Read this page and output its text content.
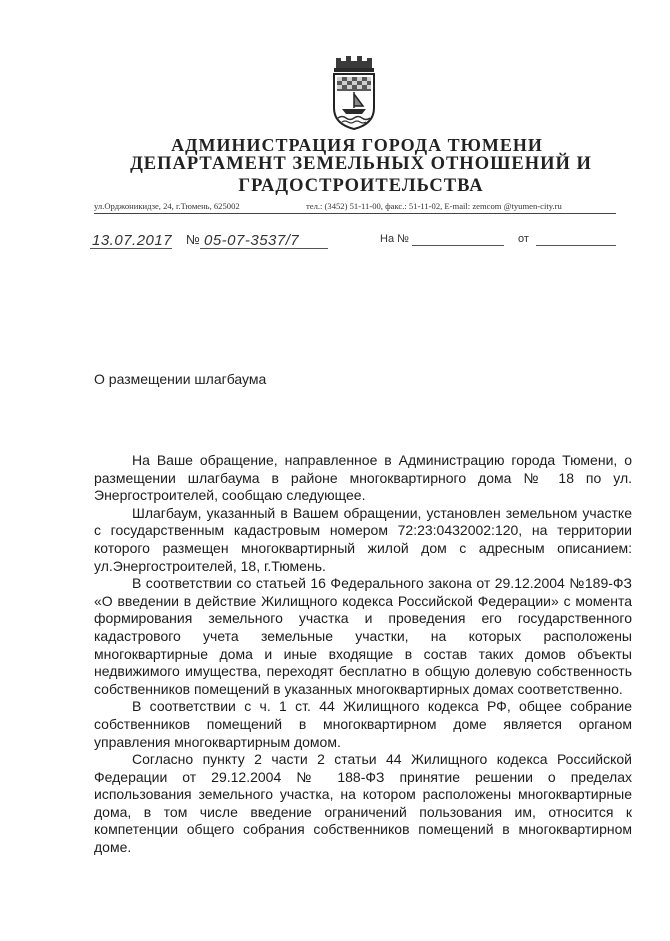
АДМИНИСТРАЦИЯ ГОРОДА ТЮМЕНИ
ДЕПАРТАМЕНТ ЗЕМЕЛЬНЫХ ОТНОШЕНИЙ И
ГРАДОСТРОИТЕЛЬСТВА
ул.Орджоникидзе, 24, г.Тюмень, 625002	тел.: (3452) 51-11-00, факс.: 51-11-02, E-mail: zemcom @tyumen-city.ru
13.07.2017 № 05-07-3537/7	На №	от
О размещении шлагбаума

На Ваше обращение, направленное в Администрацию города Тюмени, о размещении шлагбаума в районе многоквартирного дома № 18 по ул. Энергостроителей, сообщаю следующее.

Шлагбаум, указанный в Вашем обращении, установлен земельном участке с государственным кадастровым номером 72:23:0432002:120, на территории которого размещен многоквартирный жилой дом с адресным описанием: ул.Энергостроителей, 18, г.Тюмень.

В соответствии со статьей 16 Федерального закона от 29.12.2004 №189-ФЗ «О введении в действие Жилищного кодекса Российской Федерации» с момента формирования земельного участка и проведения его государственного кадастрового учета земельные участки, на которых расположены многоквартирные дома и иные входящие в состав таких домов объекты недвижимого имущества, переходят бесплатно в общую долевую собственность собственников помещений в указанных многоквартирных домах соответственно.

В соответствии с ч. 1 ст. 44 Жилищного кодекса РФ, общее собрание собственников помещений в многоквартирном доме является органом управления многоквартирным домом.

Согласно пункту 2 части 2 статьи 44 Жилищного кодекса Российской Федерации от 29.12.2004 № 188-ФЗ принятие решении о пределах использования земельного участка, на котором расположены многоквартирные дома, в том числе введение ограничений пользования им, относится к компетенции общего собрания собственников помещений в многоквартирном доме.
